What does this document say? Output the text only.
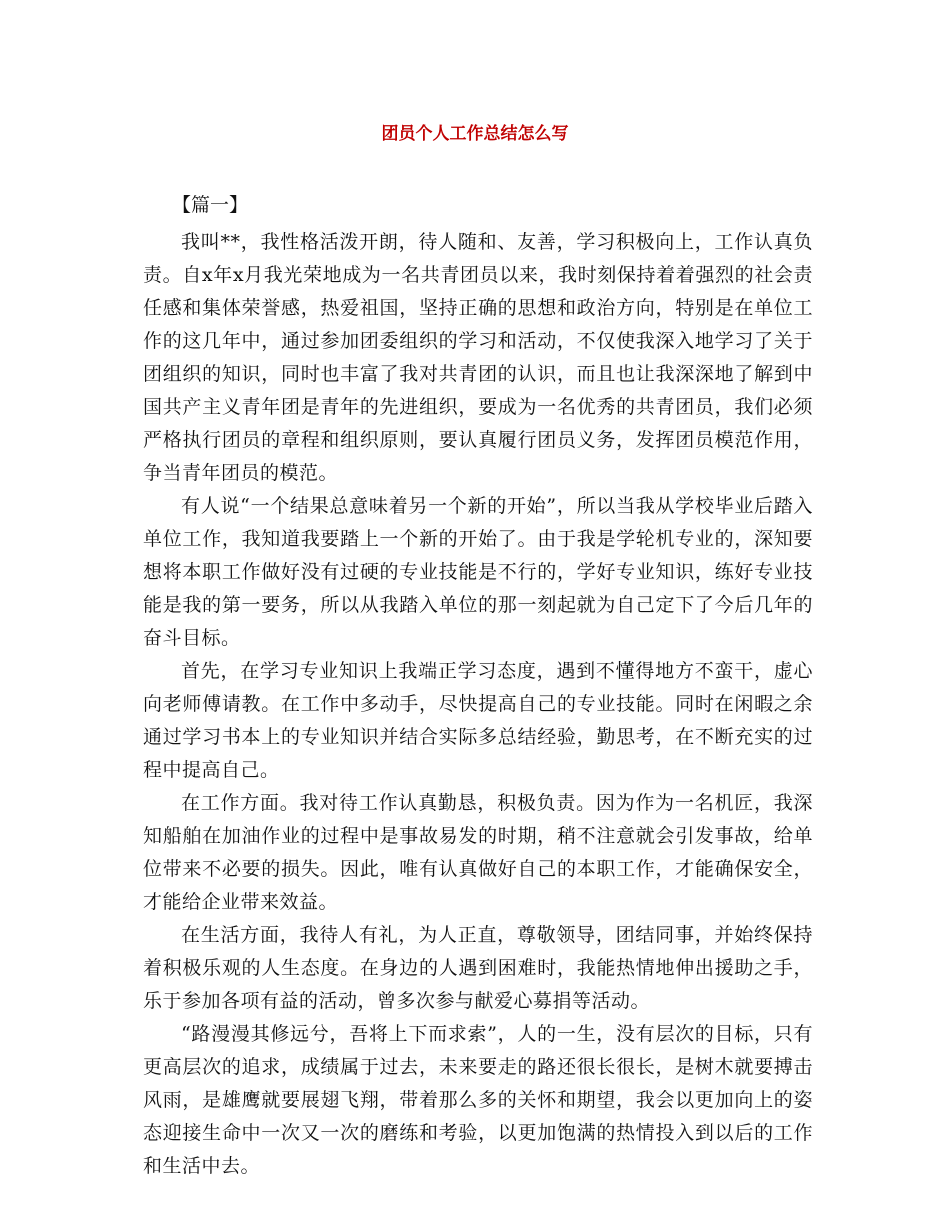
团员个人工作总结怎么写
【篇一】

我叫**，我性格活泼开朗，待人随和、友善，学习积极向上，工作认真负责。自x年x月我光荣地成为一名共青团员以来，我时刻保持着着强烈的社会责任感和集体荣誉感，热爱祖国，坚持正确的思想和政治方向，特别是在单位工作的这几年中，通过参加团委组织的学习和活动，不仅使我深入地学习了关于团组织的知识，同时也丰富了我对共青团的认识，而且也让我深深地了解到中国共产主义青年团是青年的先进组织，要成为一名优秀的共青团员，我们必须严格执行团员的章程和组织原则，要认真履行团员义务，发挥团员模范作用，争当青年团员的模范。

有人说“一个结果总意味着另一个新的开始”，所以当我从学校毕业后踏入单位工作，我知道我要踏上一个新的开始了。由于我是学轮机专业的，深知要想将本职工作做好没有过硬的专业技能是不行的，学好专业知识，练好专业技能是我的第一要务，所以从我踏入单位的那一刻起就为自己定下了今后几年的奋斗目标。

首先，在学习专业知识上我端正学习态度，遇到不懂得地方不蛮干，虚心向老师傅请教。在工作中多动手，尽快提高自己的专业技能。同时在闲暇之余通过学习书本上的专业知识并结合实际多总结经验，勤思考，在不断充实的过程中提高自己。

在工作方面。我对待工作认真勤恳，积极负责。因为作为一名机匠，我深知船舶在加油作业的过程中是事故易发的时期，稍不注意就会引发事故，给单位带来不必要的损失。因此，唯有认真做好自己的本职工作，才能确保安全，才能给企业带来效益。

在生活方面，我待人有礼，为人正直，尊敬领导，团结同事，并始终保持着积极乐观的人生态度。在身边的人遇到困难时，我能热情地伸出援助之手，乐于参加各项有益的活动，曾多次参与献爱心募捐等活动。

“路漫漫其修远兮，吾将上下而求索”，人的一生，没有层次的目标，只有更高层次的追求，成绩属于过去，未来要走的路还很长很长，是树木就要搏击风雨，是雄鹰就要展翅飞翔，带着那么多的关怀和期望，我会以更加向上的姿态迎接生命中一次又一次的磨练和考验，以更加饱满的热情投入到以后的工作和生活中去。
